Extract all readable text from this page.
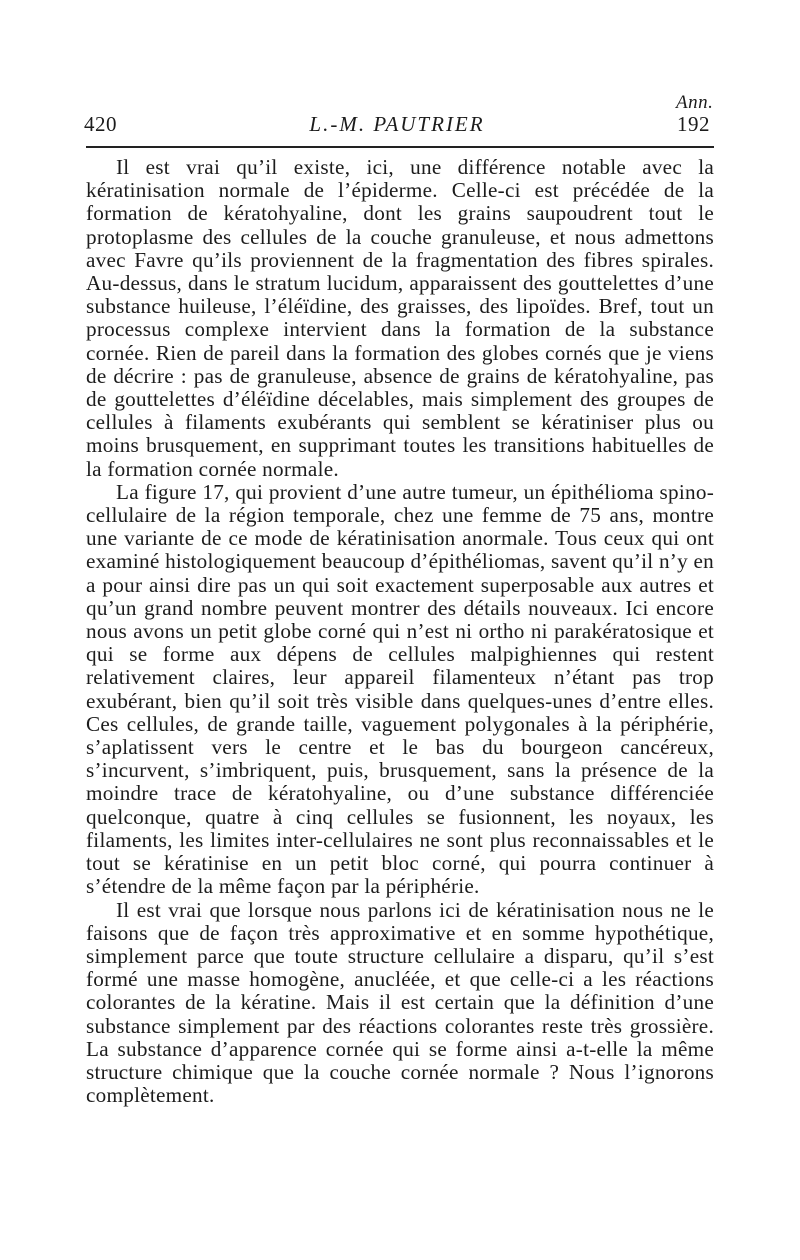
Ann.
420	L.-M. PAUTRIER	192

Il est vrai qu’il existe, ici, une différence notable avec la kératinisation normale de l’épiderme. Celle-ci est précédée de la formation de kératohyaline, dont les grains saupoudrent tout le protoplasme des cellules de la couche granuleuse, et nous admettons avec Favre qu’ils proviennent de la fragmentation des fibres spirales. Au-dessus, dans le stratum lucidum, apparaissent des gouttelettes d’une substance huileuse, l’éléïdine, des graisses, des lipoïdes. Bref, tout un processus complexe intervient dans la formation de la substance cornée. Rien de pareil dans la formation des globes cornés que je viens de décrire : pas de granuleuse, absence de grains de kératohyaline, pas de gouttelettes d’éléïdine décelables, mais simplement des groupes de cellules à filaments exubérants qui semblent se kératiniser plus ou moins brusquement, en supprimant toutes les transitions habituelles de la formation cornée normale.

La figure 17, qui provient d’une autre tumeur, un épithélioma spino-cellulaire de la région temporale, chez une femme de 75 ans, montre une variante de ce mode de kératinisation anormale. Tous ceux qui ont examiné histologiquement beaucoup d’épithéliomas, savent qu’il n’y en a pour ainsi dire pas un qui soit exactement superposable aux autres et qu’un grand nombre peuvent montrer des détails nouveaux. Ici encore nous avons un petit globe corné qui n’est ni ortho ni parakératosique et qui se forme aux dépens de cellules malpighiennes qui restent relativement claires, leur appareil filamenteux n’étant pas trop exubérant, bien qu’il soit très visible dans quelques-unes d’entre elles. Ces cellules, de grande taille, vaguement polygonales à la périphérie, s’aplatissent vers le centre et le bas du bourgeon cancéreux, s’incurvent, s’imbriquent, puis, brusquement, sans la présence de la moindre trace de kératohyaline, ou d’une substance différenciée quelconque, quatre à cinq cellules se fusionnent, les noyaux, les filaments, les limites inter-cellulaires ne sont plus reconnaissables et le tout se kératinise en un petit bloc corné, qui pourra continuer à s’étendre de la même façon par la périphérie.

Il est vrai que lorsque nous parlons ici de kératinisation nous ne le faisons que de façon très approximative et en somme hypothétique, simplement parce que toute structure cellulaire a disparu, qu’il s’est formé une masse homogène, anucléée, et que celle-ci a les réactions colorantes de la kératine. Mais il est certain que la définition d’une substance simplement par des réactions colorantes reste très grossière. La substance d’apparence cornée qui se forme ainsi a-t-elle la même structure chimique que la couche cornée normale ? Nous l’ignorons complètement.
